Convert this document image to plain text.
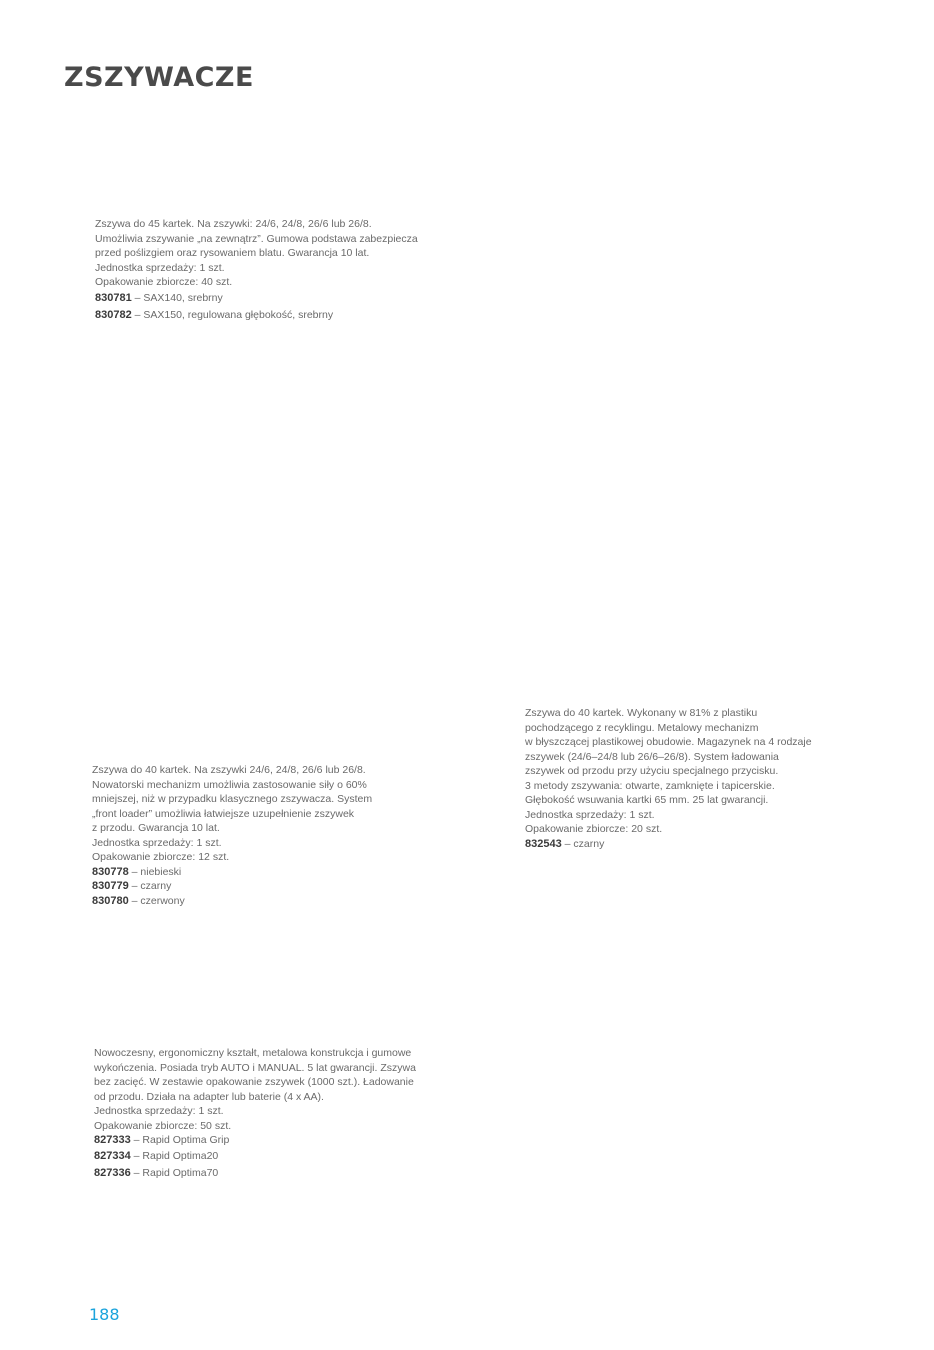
ZSZYWACZE
Zszywa do 45 kartek. Na zszywki: 24/6, 24/8, 26/6 lub 26/8.
Umożliwia zszywanie „na zewnątrz”. Gumowa podstawa zabezpiecza
przed poślizgiem oraz rysowaniem blatu. Gwarancja 10 lat.
Jednostka sprzedaży: 1 szt.
Opakowanie zbiorcze: 40 szt.
830781 – SAX140, srebrny
830782 – SAX150, regulowana głębokość, srebrny
Zszywa do 40 kartek. Na zszywki 24/6, 24/8, 26/6 lub 26/8.
Nowatorski mechanizm umożliwia zastosowanie siły o 60%
mniejszej, niż w przypadku klasycznego zszywacza. System
„front loader” umożliwia łatwiejsze uzupełnienie zszywek
z przodu. Gwarancja 10 lat.
Jednostka sprzedaży: 1 szt.
Opakowanie zbiorcze: 12 szt.
830778 – niebieski
830779 – czarny
830780 – czerwony
Zszywa do 40 kartek. Wykonany w 81% z plastiku
pochodzącego z recyklingu. Metalowy mechanizm
w błyszczącej plastikowej obudowie. Magazynek na 4 rodzaje
zszywek (24/6–24/8 lub 26/6–26/8). System ładowania
zszywek od przodu przy użyciu specjalnego przycisku.
3 metody zszywania: otwarte, zamknięte i tapicerskie.
Głębokość wsuwania kartki 65 mm. 25 lat gwarancji.
Jednostka sprzedaży: 1 szt.
Opakowanie zbiorcze: 20 szt.
832543 – czarny
Nowoczesny, ergonomiczny kształt, metalowa konstrukcja i gumowe
wykończenia. Posiada tryb AUTO i MANUAL. 5 lat gwarancji. Zszywa
bez zacięć. W zestawie opakowanie zszywek (1000 szt.). Ładowanie
od przodu. Działa na adapter lub baterie (4 x AA).
Jednostka sprzedaży: 1 szt.
Opakowanie zbiorcze: 50 szt.
827333 – Rapid Optima Grip
827334 – Rapid Optima20
827336 – Rapid Optima70
188
